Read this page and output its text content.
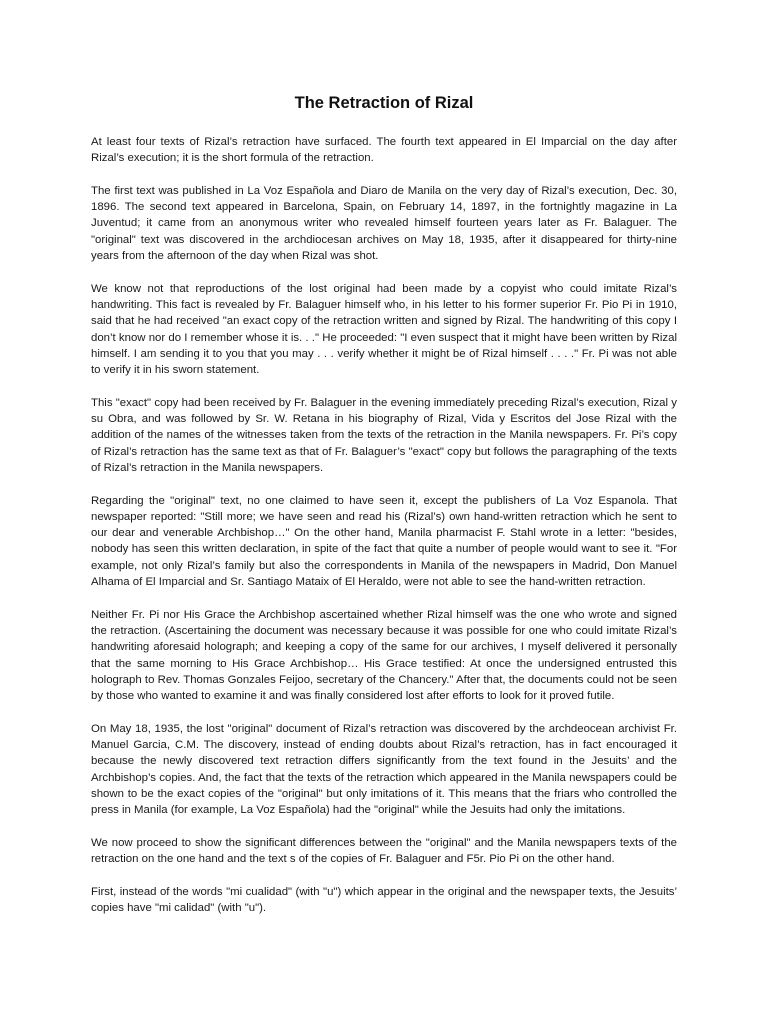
The Retraction of Rizal

At least four texts of Rizal’s retraction have surfaced. The fourth text appeared in El Imparcial on the day after Rizal’s execution; it is the short formula of the retraction.

The first text was published in La Voz Española and Diaro de Manila on the very day of Rizal’s execution, Dec. 30, 1896. The second text appeared in Barcelona, Spain, on February 14, 1897, in the fortnightly magazine in La Juventud; it came from an anonymous writer who revealed himself fourteen years later as Fr. Balaguer. The "original" text was discovered in the archdiocesan archives on May 18, 1935, after it disappeared for thirty-nine years from the afternoon of the day when Rizal was shot.

We know not that reproductions of the lost original had been made by a copyist who could imitate Rizal’s handwriting. This fact is revealed by Fr. Balaguer himself who, in his letter to his former superior Fr. Pio Pi in 1910, said that he had received "an exact copy of the retraction written and signed by Rizal. The handwriting of this copy I don’t know nor do I remember whose it is. . ." He proceeded: "I even suspect that it might have been written by Rizal himself. I am sending it to you that you may . . . verify whether it might be of Rizal himself . . . ." Fr. Pi was not able to verify it in his sworn statement.

This "exact" copy had been received by Fr. Balaguer in the evening immediately preceding Rizal’s execution, Rizal y su Obra, and was followed by Sr. W. Retana in his biography of Rizal, Vida y Escritos del Jose Rizal with the addition of the names of the witnesses taken from the texts of the retraction in the Manila newspapers. Fr. Pi’s copy of Rizal’s retraction has the same text as that of Fr. Balaguer’s "exact" copy but follows the paragraphing of the texts of Rizal’s retraction in the Manila newspapers.

Regarding the "original" text, no one claimed to have seen it, except the publishers of La Voz Espanola. That newspaper reported: "Still more; we have seen and read his (Rizal’s) own hand-written retraction which he sent to our dear and venerable Archbishop…" On the other hand, Manila pharmacist F. Stahl wrote in a letter: "besides, nobody has seen this written declaration, in spite of the fact that quite a number of people would want to see it. "For example, not only Rizal’s family but also the correspondents in Manila of the newspapers in Madrid, Don Manuel Alhama of El Imparcial and Sr. Santiago Mataix of El Heraldo, were not able to see the hand-written retraction.

Neither Fr. Pi nor His Grace the Archbishop ascertained whether Rizal himself was the one who wrote and signed the retraction. (Ascertaining the document was necessary because it was possible for one who could imitate Rizal’s handwriting aforesaid holograph; and keeping a copy of the same for our archives, I myself delivered it personally that the same morning to His Grace Archbishop… His Grace testified: At once the undersigned entrusted this holograph to Rev. Thomas Gonzales Feijoo, secretary of the Chancery." After that, the documents could not be seen by those who wanted to examine it and was finally considered lost after efforts to look for it proved futile.

On May 18, 1935, the lost "original" document of Rizal’s retraction was discovered by the archdeocean archivist Fr. Manuel Garcia, C.M. The discovery, instead of ending doubts about Rizal’s retraction, has in fact encouraged it because the newly discovered text retraction differs significantly from the text found in the Jesuits’ and the Archbishop’s copies. And, the fact that the texts of the retraction which appeared in the Manila newspapers could be shown to be the exact copies of the "original" but only imitations of it. This means that the friars who controlled the press in Manila (for example, La Voz Española) had the "original" while the Jesuits had only the imitations.

We now proceed to show the significant differences between the "original" and the Manila newspapers texts of the retraction on the one hand and the text s of the copies of Fr. Balaguer and F5r. Pio Pi on the other hand.

First, instead of the words "mi cualidad" (with "u") which appear in the original and the newspaper texts, the Jesuits’ copies have "mi calidad" (with "u").
